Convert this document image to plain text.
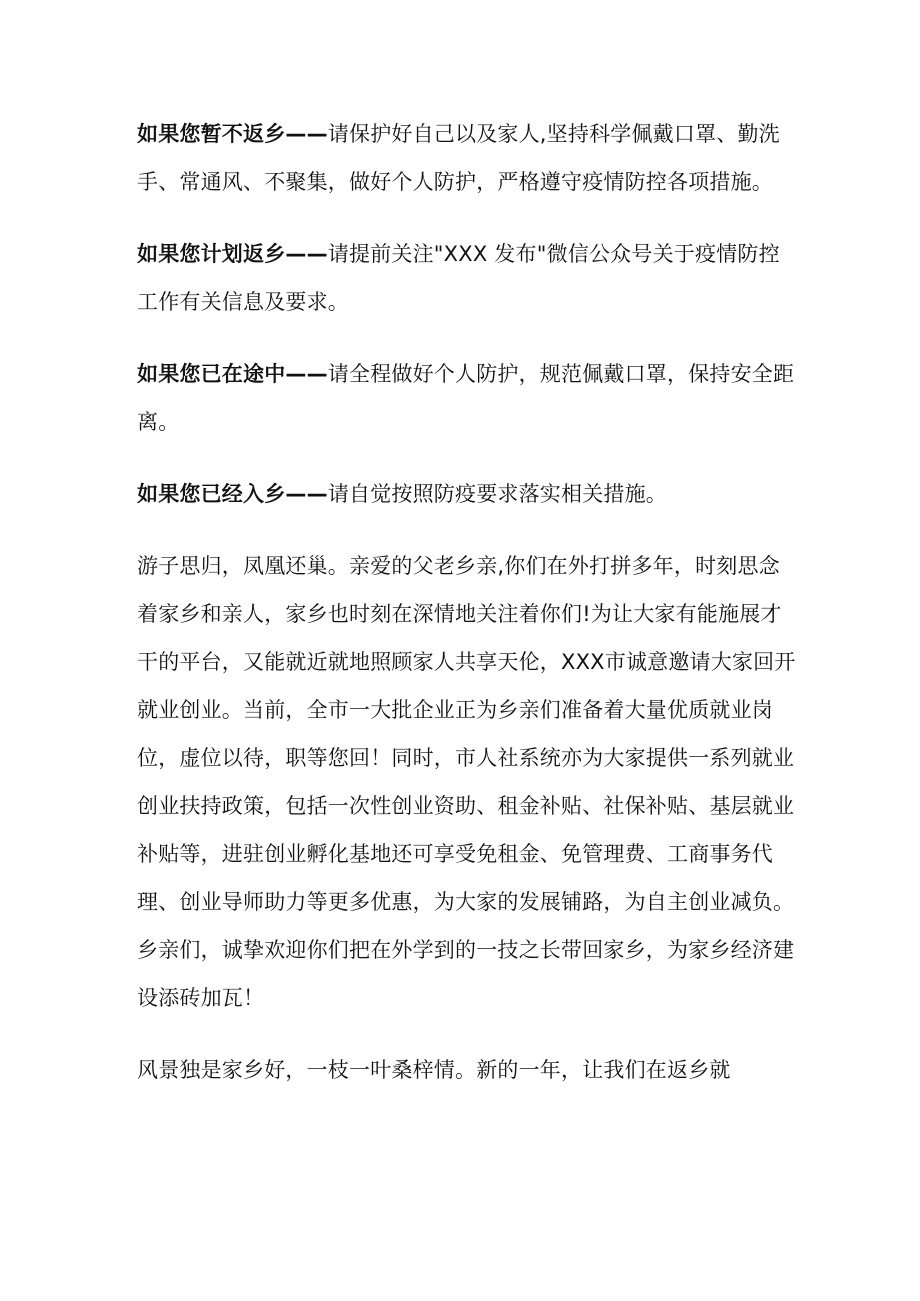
如果您暂不返乡——请保护好自己以及家人,坚持科学佩戴口罩、勤洗手、常通风、不聚集，做好个人防护，严格遵守疫情防控各项措施。

如果您计划返乡——请提前关注"XXX 发布"微信公众号关于疫情防控工作有关信息及要求。

如果您已在途中——请全程做好个人防护，规范佩戴口罩，保持安全距离。

如果您已经入乡——请自觉按照防疫要求落实相关措施。

游子思归，凤凰还巢。亲爱的父老乡亲,你们在外打拼多年，时刻思念着家乡和亲人，家乡也时刻在深情地关注着你们!为让大家有能施展才干的平台，又能就近就地照顾家人共享天伦，XXX市诚意邀请大家回开就业创业。当前，全市一大批企业正为乡亲们准备着大量优质就业岗位，虚位以待，职等您回！同时，市人社系统亦为大家提供一系列就业创业扶持政策，包括一次性创业资助、租金补贴、社保补贴、基层就业补贴等，进驻创业孵化基地还可享受免租金、免管理费、工商事务代理、创业导师助力等更多优惠，为大家的发展铺路，为自主创业减负。乡亲们，诚挚欢迎你们把在外学到的一技之长带回家乡，为家乡经济建设添砖加瓦！

风景独是家乡好，一枝一叶桑梓情。新的一年，让我们在返乡就
